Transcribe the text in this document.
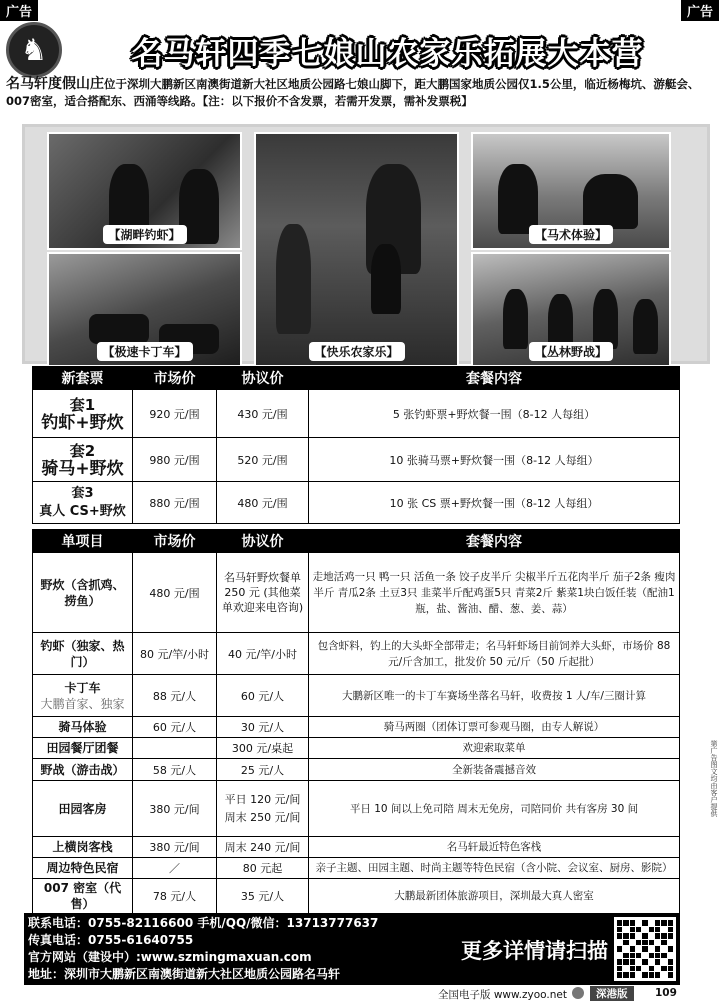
广告	广告
♞	名马轩四季七娘山农家乐拓展大本营
名马轩度假山庄位于深圳大鹏新区南澳街道新大社区地质公园路七娘山脚下，距大鹏国家地质公园仅1.5公里，临近杨梅坑、游艇会、007密室，适合搭配东、西涌等线路。【注：以下报价不含发票，若需开发票，需补发票税】
【湖畔钓虾】
【极速卡丁车】	【快乐农家乐】
【马术体验】
【丛林野战】
新套票	市场价	协议价	套餐内容

套1
钓虾+野炊	920 元/围	430 元/围	5 张钓虾票+野炊餐一围（8-12 人每组）

套2
骑马+野炊	980 元/围	520 元/围	10 张骑马票+野炊餐一围（8-12 人每组）

套3
真人 CS+野炊	880 元/围	480 元/围	10 张 CS 票+野炊餐一围（8-12 人每组）
单项目	市场价	协议价	套餐内容
野炊（含抓鸡、捞鱼）	480 元/围	名马轩野炊餐单 250 元 (其他菜单欢迎来电咨询)	走地活鸡一只 鸭一只 活鱼一条 饺子皮半斤 尖椒半斤五花肉半斤 茄子2条 瘦肉半斤 青瓜2条 土豆3只 韭菜半斤配鸡蛋5只 青菜2斤 紫菜1块白饭任装（配油1瓶，盐、酱油、醋、葱、姜、蒜）
钓虾（独家、热门）	80 元/竿/小时	40 元/竿/小时	包含虾料，钓上的大头虾全部带走；名马轩虾场目前饲养大头虾，市场价 88 元/斤含加工，批发价 50 元/斤（50 斤起批）

卡丁车
大鹏首家、独家	88 元/人	60 元/人	大鹏新区唯一的卡丁车赛场坐落名马轩，收费按 1 人/车/三圈计算
骑马体验	60 元/人	30 元/人	骑马两圈（团体订票可参观马圈，由专人解说）
田园餐厅团餐		300 元/桌起	欢迎索取菜单
野战（游击战）	58 元/人	25 元/人	全新装备震撼音效
田园客房	380 元/间	平日 120 元/间 周末 250 元/间	平日 10 间以上免司陪 周末无免房，司陪同价 共有客房 30 间
上横岗客栈	380 元/间	周末 240 元/间	名马轩最近特色客栈
周边特色民宿	／	80 元起	亲子主题、田园主题、时尚主题等特色民宿（含小院、会议室、厨房、影院）
007 密室（代售）	78 元/人	35 元/人	大鹏最新团体旅游项目，深圳最大真人密室
联系电话：0755-82116600 手机/QQ/微信：13713777637
传真电话：0755-61640755
官方网站（建设中）:www.szmingmaxuan.com
地址：深圳市大鹏新区南澳街道新大社区地质公园路名马轩
更多详情请扫描
第广告图文均由客户提供
全国电子版 www.zyoo.net	深港版	109
